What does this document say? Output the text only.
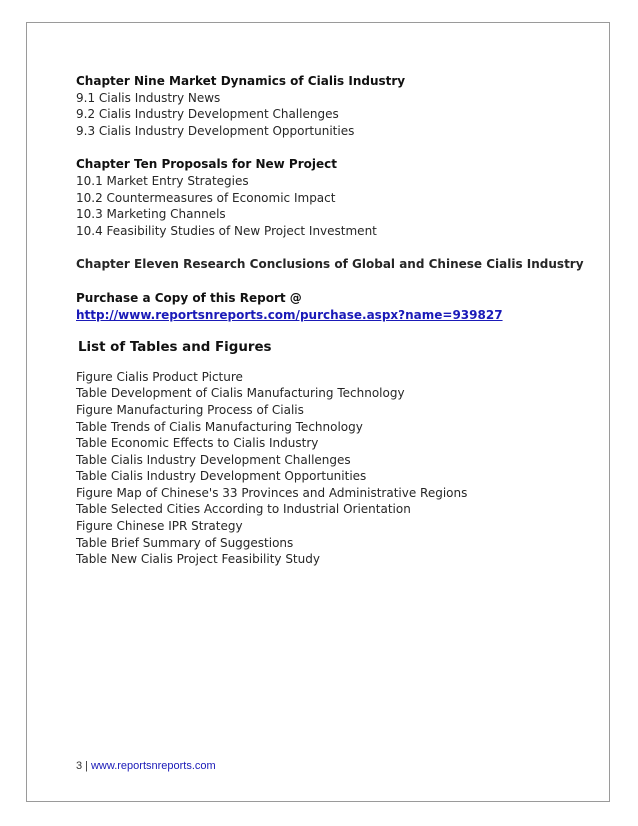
Chapter Nine Market Dynamics of Cialis Industry
9.1 Cialis Industry News
9.2 Cialis Industry Development Challenges
9.3 Cialis Industry Development Opportunities
Chapter Ten Proposals for New Project
10.1 Market Entry Strategies
10.2 Countermeasures of Economic Impact
10.3 Marketing Channels
10.4 Feasibility Studies of New Project Investment
Chapter Eleven Research Conclusions of Global and Chinese Cialis Industry
Purchase a Copy of this Report @
http://www.reportsnreports.com/purchase.aspx?name=939827
List of Tables and Figures
Figure Cialis Product Picture
Table Development of Cialis Manufacturing Technology
Figure Manufacturing Process of Cialis
Table Trends of Cialis Manufacturing Technology
Table Economic Effects to Cialis Industry
Table Cialis Industry Development Challenges
Table Cialis Industry Development Opportunities
Figure Map of Chinese's 33 Provinces and Administrative Regions
Table Selected Cities According to Industrial Orientation
Figure Chinese IPR Strategy
Table Brief Summary of Suggestions
Table New Cialis Project Feasibility Study
3 | www.reportsnreports.com
